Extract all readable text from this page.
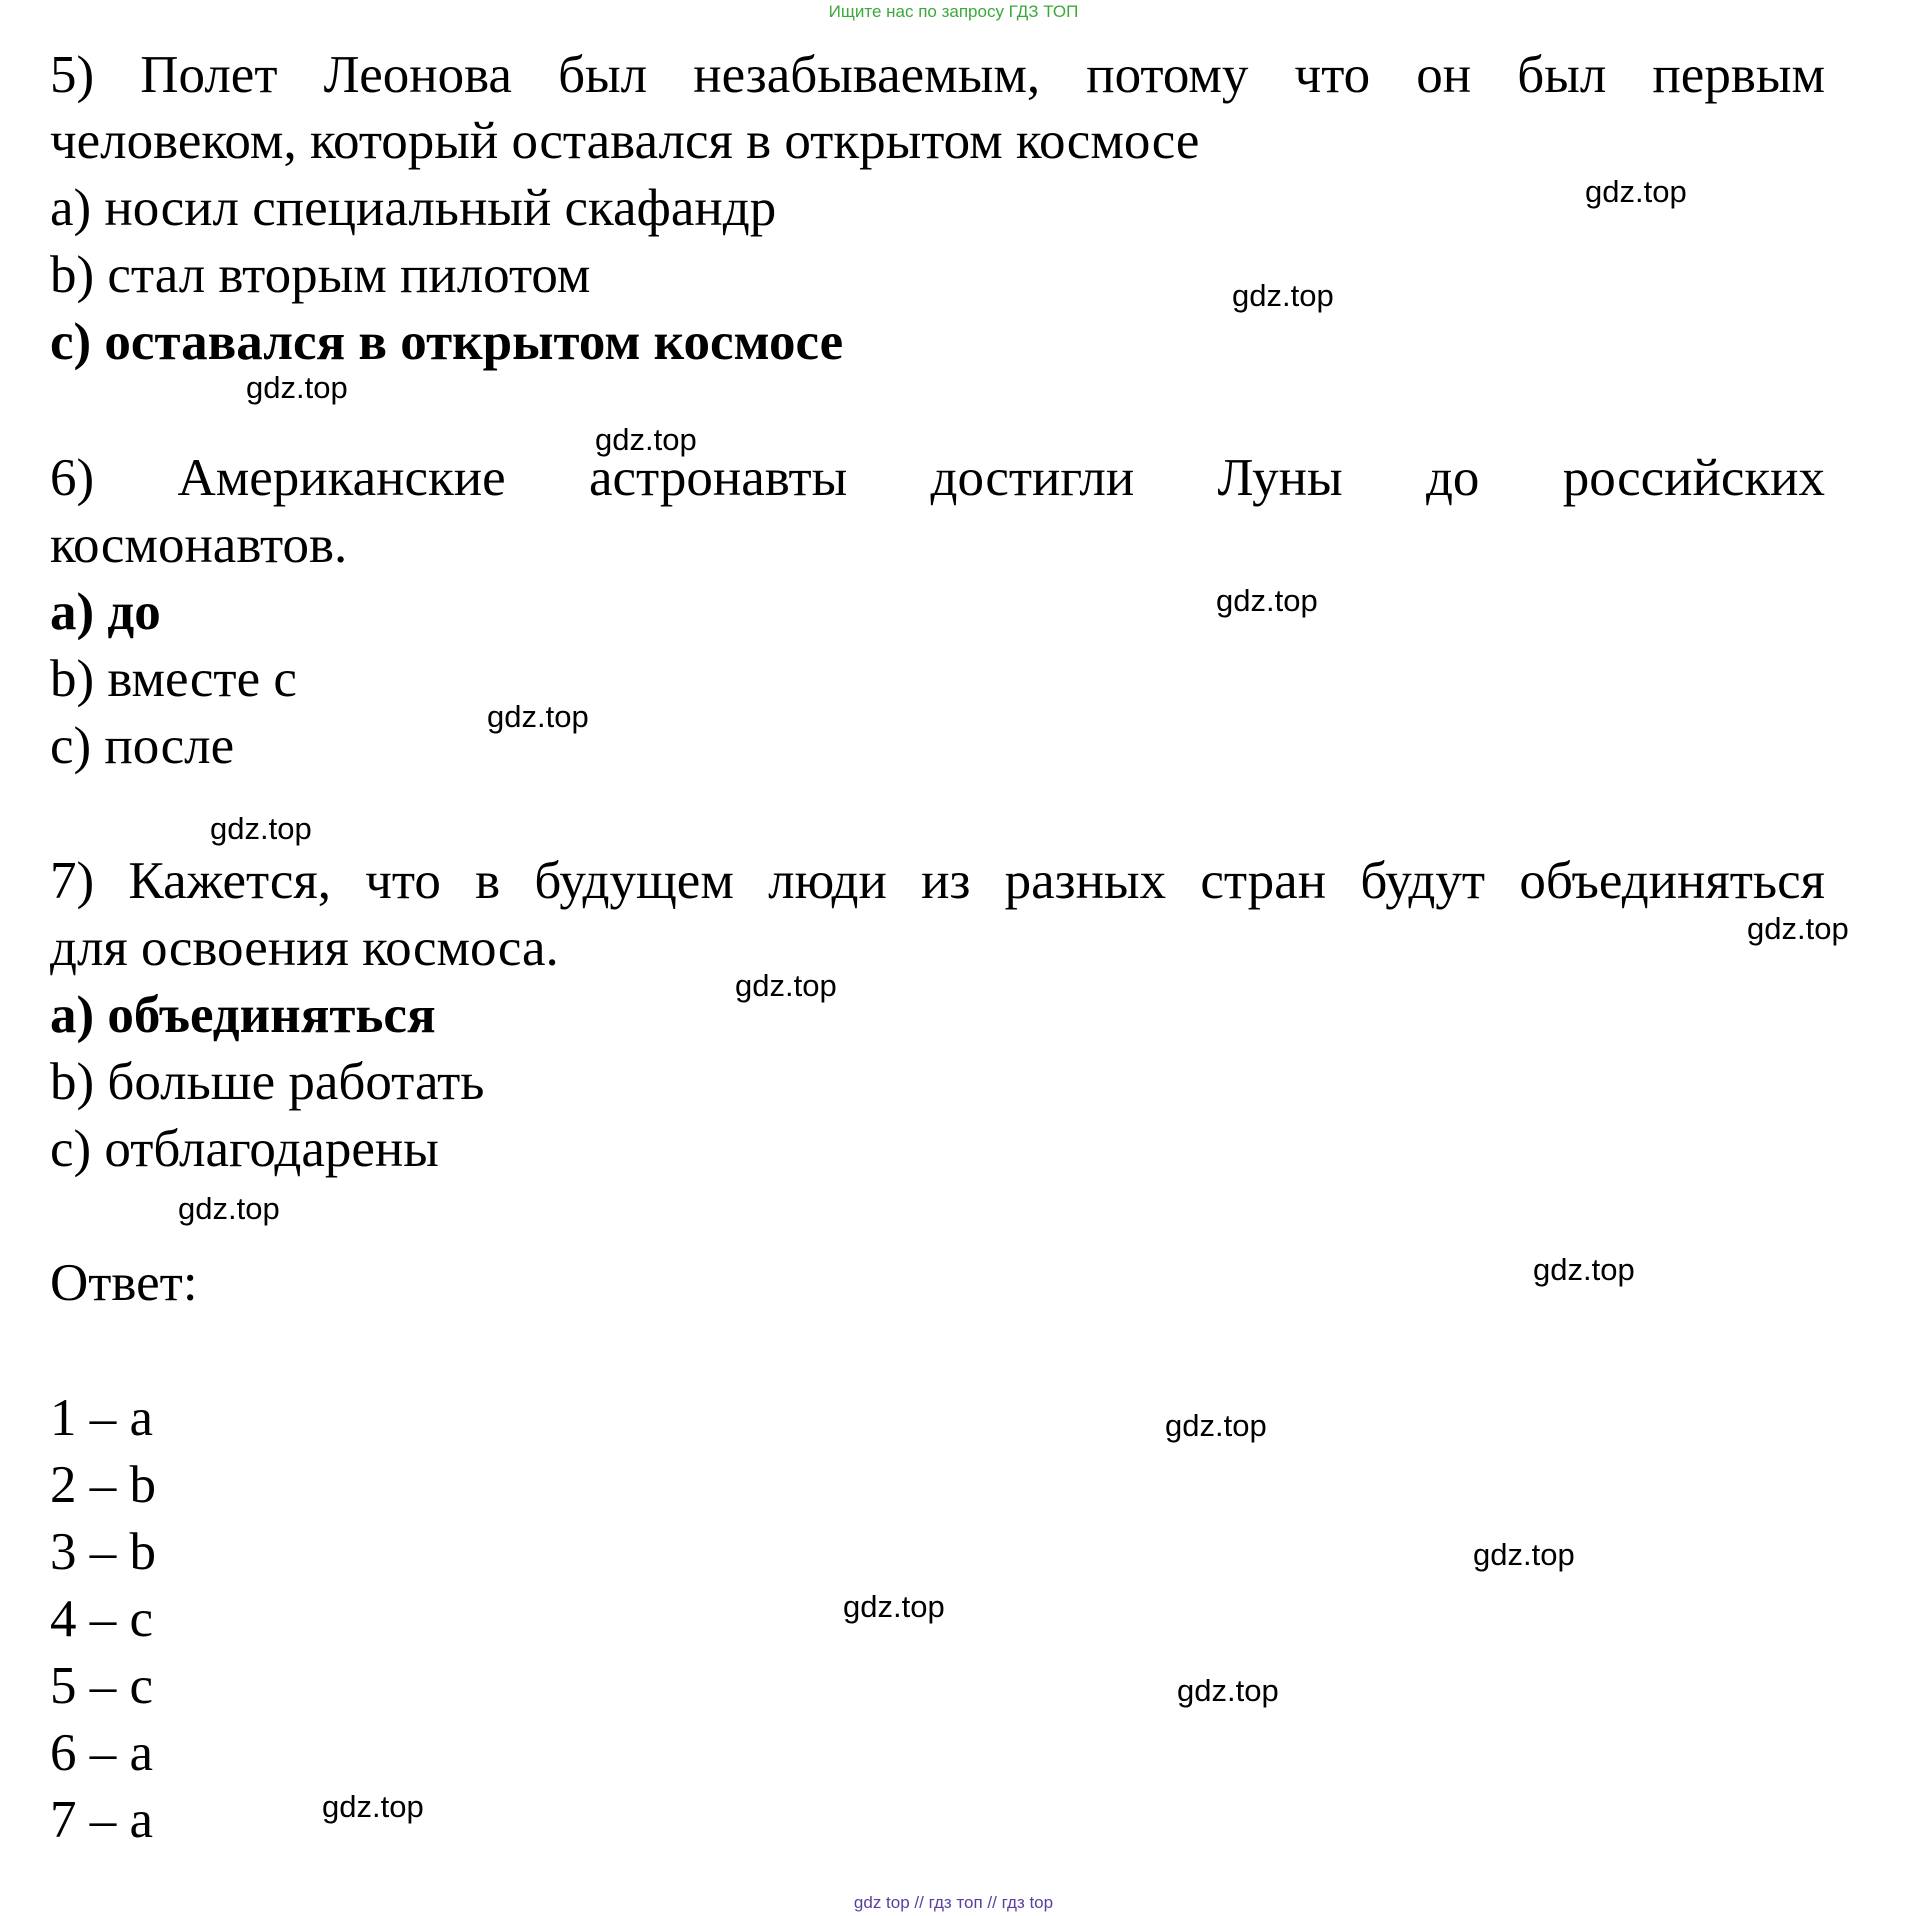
Ищите нас по запросу ГДЗ ТОП
5) Полет Леонова был незабываемым, потому что он был первым
человеком, который оставался в открытом космосе
a) носил специальный скафандр
b) стал вторым пилотом
c) оставался в открытом космосе
6) Американские астронавты достигли Луны до российских
космонавтов.
a) до
b) вместе с
c) после
7) Кажется, что в будущем люди из разных стран будут объединяться
для освоения космоса.
a) объединяться
b) больше работать
c) отблагодарены
Ответ:
1 – a
2 – b
3 – b
4 – c
5 – c
6 – a
7 – a
gdz.top
gdz.top
gdz.top
gdz.top
gdz.top
gdz.top
gdz.top
gdz.top
gdz.top
gdz.top
gdz.top
gdz.top
gdz.top
gdz.top
gdz.top
gdz.top
gdz top // гдз топ // гдз top
